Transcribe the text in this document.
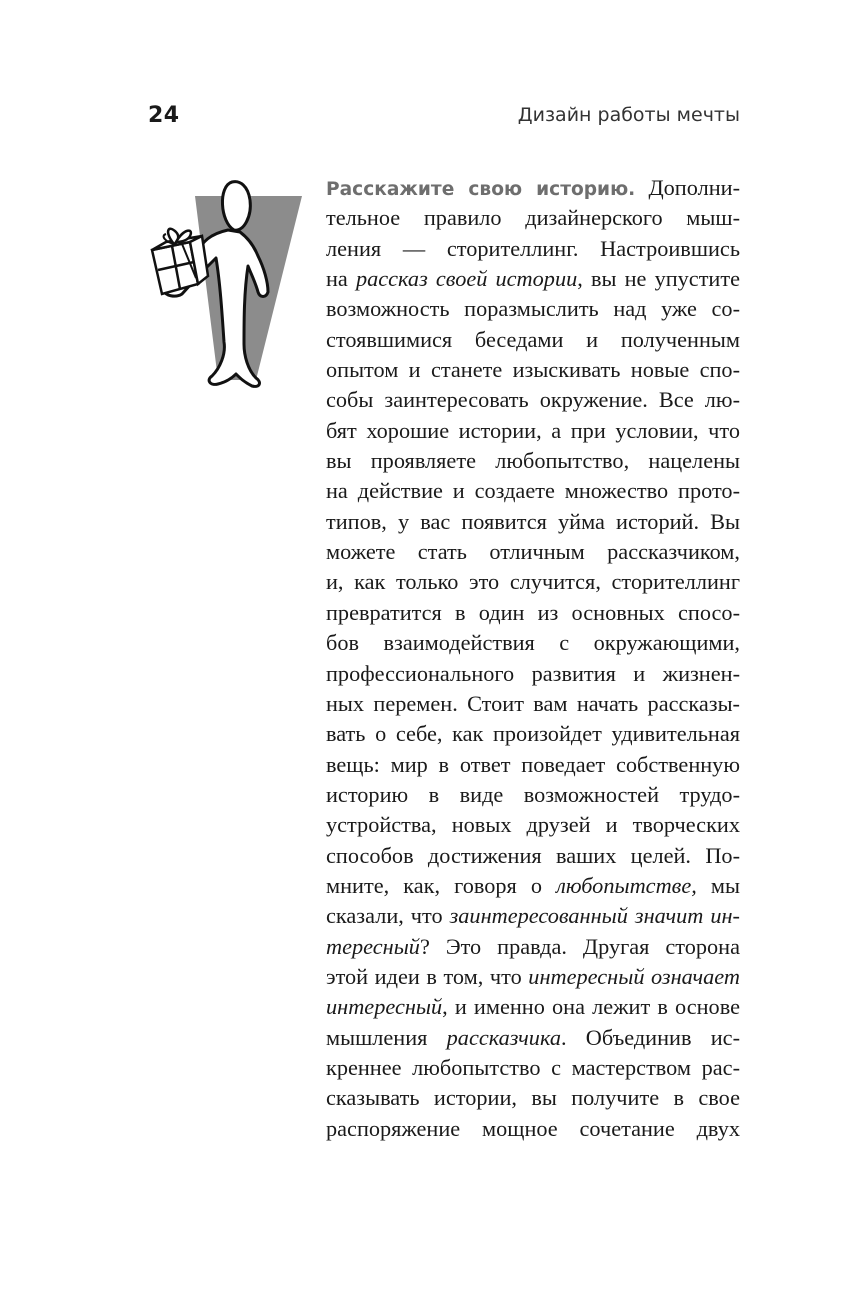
24	Дизайн работы мечты
Расскажите свою историю. Дополни-
тельное правило дизайнерского мыш-
ления — сторителлинг. Настроившись
на рассказ своей истории, вы не упустите
возможность поразмыслить над уже со-
стоявшимися беседами и полученным
опытом и станете изыскивать новые спо-
собы заинтересовать окружение. Все лю-
бят хорошие истории, а при условии, что
вы проявляете любопытство, нацелены
на действие и создаете множество прото-
типов, у вас появится уйма историй. Вы
можете стать отличным рассказчиком,
и, как только это случится, сторителлинг
превратится в один из основных спосо-
бов взаимодействия с окружающими,
профессионального развития и жизнен-
ных перемен. Стоит вам начать рассказы-
вать о себе, как произойдет удивительная
вещь: мир в ответ поведает собственную
историю в виде возможностей трудо-
устройства, новых друзей и творческих
способов достижения ваших целей. По-
мните, как, говоря о любопытстве, мы
сказали, что заинтересованный значит ин-
тересный? Это правда. Другая сторона
этой идеи в том, что интересный означает
интересный, и именно она лежит в основе
мышления рассказчика. Объединив ис-
креннее любопытство с мастерством рас-
сказывать истории, вы получите в свое
распоряжение мощное сочетание двух
